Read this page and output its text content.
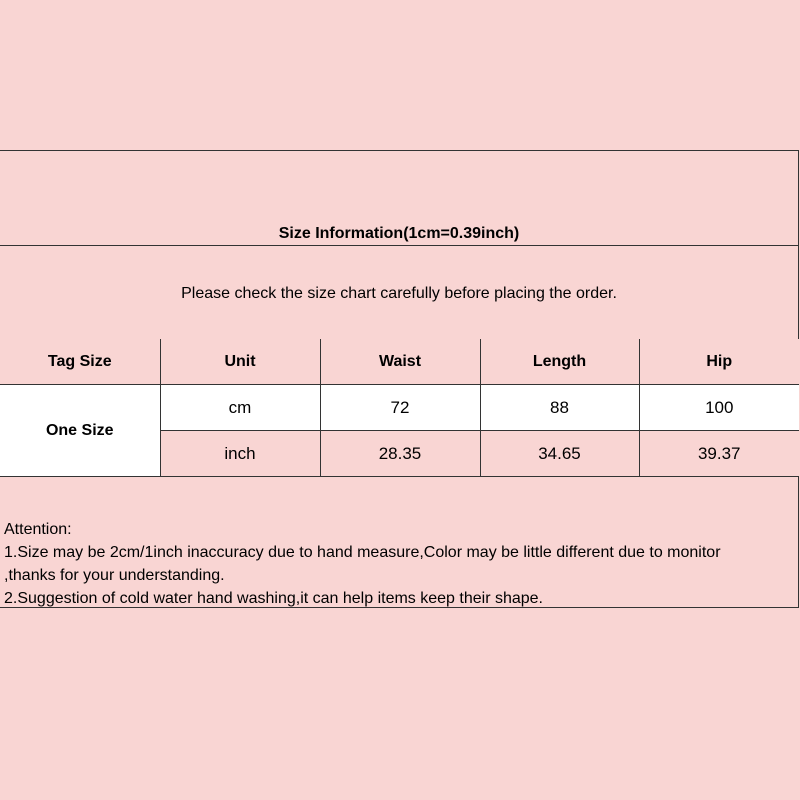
Size Information(1cm=0.39inch)
Please check the size chart carefully before placing the order.
Tag Size	Unit	Waist	Length	Hip
One Size	cm	72	88	100
	inch	28.35	34.65	39.37
Attention:
1.Size may be 2cm/1inch inaccuracy due to hand measure,Color may be little different due to monitor
,thanks for your understanding.
2.Suggestion of cold water hand washing,it can help items keep their shape.
